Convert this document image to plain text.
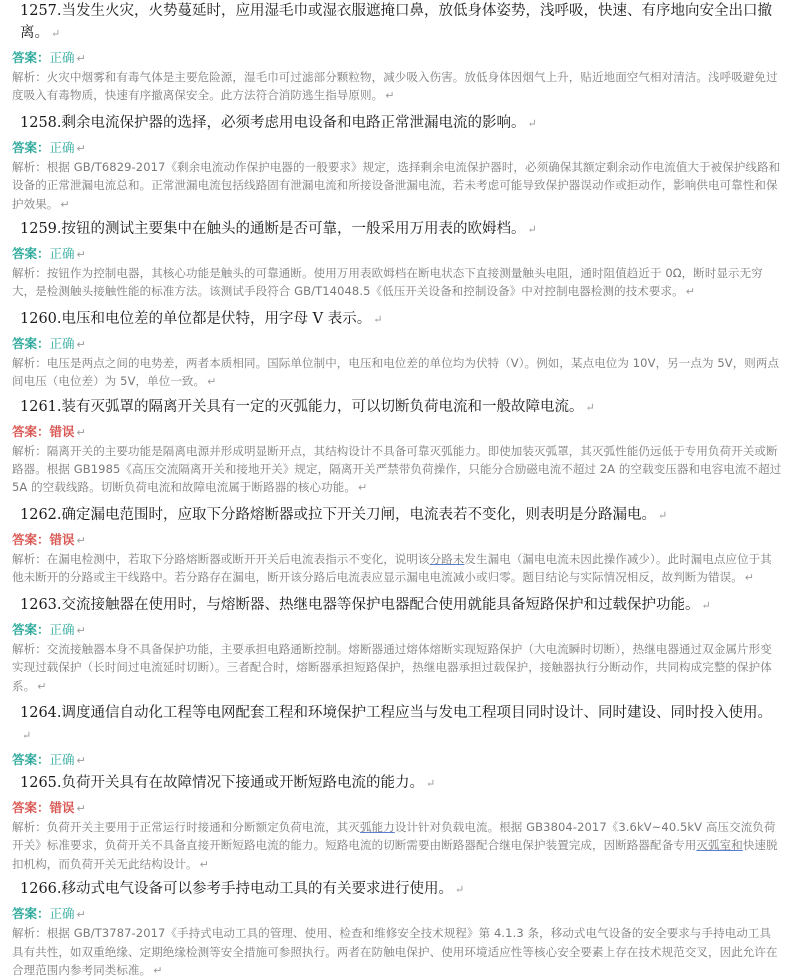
1257.当发生火灾，火势蔓延时，应用湿毛巾或湿衣服遮掩口鼻，放低身体姿势，浅呼吸，快速、有序地向安全出口撤离。 ↵

答案：正确 ↵

解析：火灾中烟雾和有毒气体是主要危险源，湿毛巾可过滤部分颗粒物，减少吸入伤害。放低身体因烟气上升，贴近地面空气相对清洁。浅呼吸避免过度吸入有毒物质，快速有序撤离保安全。此方法符合消防逃生指导原则。 ↵

1258.剩余电流保护器的选择，必须考虑用电设备和电路正常泄漏电流的影响。 ↵

答案：正确 ↵

解析：根据 GB/T6829-2017《剩余电流动作保护电器的一般要求》规定，选择剩余电流保护器时，必须确保其额定剩余动作电流值大于被保护线路和设备的正常泄漏电流总和。正常泄漏电流包括线路固有泄漏电流和所接设备泄漏电流，若未考虑可能导致保护器误动作或拒动作，影响供电可靠性和保护效果。 ↵

1259.按钮的测试主要集中在触头的通断是否可靠，一般采用万用表的欧姆档。 ↵

答案：正确 ↵

解析：按钮作为控制电器，其核心功能是触头的可靠通断。使用万用表欧姆档在断电状态下直接测量触头电阻，通时阻值趋近于 0Ω，断时显示无穷大，是检测触头接触性能的标准方法。该测试手段符合 GB/T14048.5《低压开关设备和控制设备》中对控制电器检测的技术要求。 ↵

1260.电压和电位差的单位都是伏特，用字母 V 表示。 ↵

答案：正确 ↵

解析：电压是两点之间的电势差，两者本质相同。国际单位制中，电压和电位差的单位均为伏特（V）。例如，某点电位为 10V，另一点为 5V，则两点间电压（电位差）为 5V，单位一致。 ↵

1261.装有灭弧罩的隔离开关具有一定的灭弧能力，可以切断负荷电流和一般故障电流。 ↵

答案：错误 ↵

解析：隔离开关的主要功能是隔离电源并形成明显断开点，其结构设计不具备可靠灭弧能力。即使加装灭弧罩，其灭弧性能仍远低于专用负荷开关或断路器。根据 GB1985《高压交流隔离开关和接地开关》规定，隔离开关严禁带负荷操作，只能分合励磁电流不超过 2A 的空载变压器和电容电流不超过 5A 的空载线路。切断负荷电流和故障电流属于断路器的核心功能。 ↵

1262.确定漏电范围时，应取下分路熔断器或拉下开关刀闸，电流表若不变化，则表明是分路漏电。 ↵

答案：错误 ↵

解析：在漏电检测中，若取下分路熔断器或断开开关后电流表指示不变化，说明该分路未发生漏电（漏电电流未因此操作减少）。此时漏电点应位于其他未断开的分路或主干线路中。若分路存在漏电，断开该分路后电流表应显示漏电电流减小或归零。题目结论与实际情况相反，故判断为错误。 ↵

1263.交流接触器在使用时，与熔断器、热继电器等保护电器配合使用就能具备短路保护和过载保护功能。 ↵

答案：正确 ↵

解析：交流接触器本身不具备保护功能，主要承担电路通断控制。熔断器通过熔体熔断实现短路保护（大电流瞬时切断），热继电器通过双金属片形变实现过载保护（长时间过电流延时切断）。三者配合时，熔断器承担短路保护，热继电器承担过载保护，接触器执行分断动作，共同构成完整的保护体系。 ↵

1264.调度通信自动化工程等电网配套工程和环境保护工程应当与发电工程项目同时设计、同时建设、同时投入使用。↵

答案：正确 ↵

1265.负荷开关具有在故障情况下接通或开断短路电流的能力。 ↵

答案：错误 ↵

解析：负荷开关主要用于正常运行时接通和分断额定负荷电流，其灭弧能力设计针对负载电流。根据 GB3804-2017《3.6kV~40.5kV 高压交流负荷开关》标准要求，负荷开关不具备直接开断短路电流的能力。短路电流的切断需要由断路器配合继电保护装置完成，因断路器配备专用灭弧室和快速脱扣机构，而负荷开关无此结构设计。 ↵

1266.移动式电气设备可以参考手持电动工具的有关要求进行使用。 ↵

答案：正确 ↵

解析：根据 GB/T3787-2017《手持式电动工具的管理、使用、检查和维修安全技术规程》第 4.1.3 条，移动式电气设备的安全要求与手持电动工具具有共性，如双重绝缘、定期绝缘检测等安全措施可参照执行。两者在防触电保护、使用环境适应性等核心安全要素上存在技术规范交叉，因此允许在合理范围内参考同类标准。 ↵
